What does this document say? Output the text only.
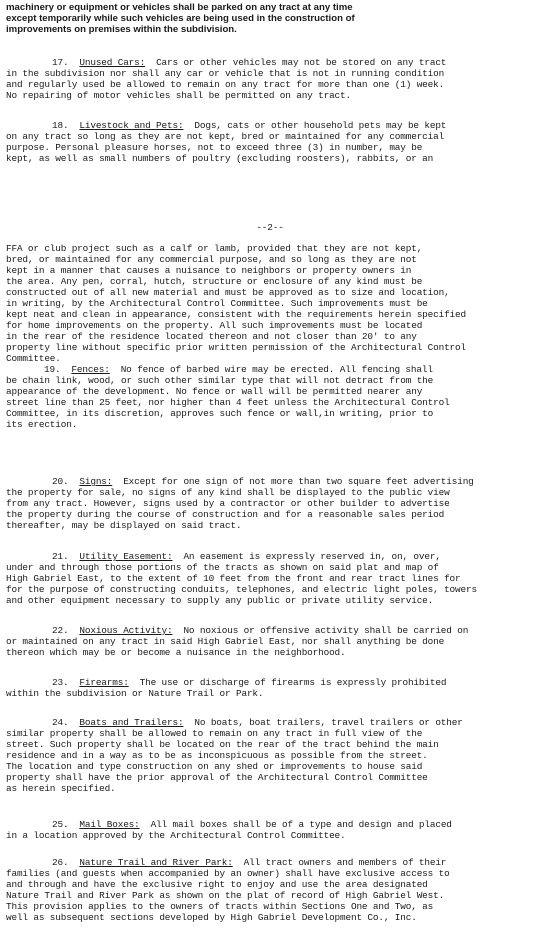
machinery or equipment or vehicles shall be parked on any tract at any time
except temporarily while such vehicles are being used in the construction of
improvements on premises within the subdivision.
17. Unused Cars: Cars or other vehicles may not be stored on any tract
in the subdivision nor shall any car or vehicle that is not in running condition
and regularly used be allowed to remain on any tract for more than one (1) week.
No repairing of motor vehicles shall be permitted on any tract.
18. Livestock and Pets: Dogs, cats or other household pets may be kept
on any tract so long as they are not kept, bred or maintained for any commercial
purpose. Personal pleasure horses, not to exceed three (3) in number, may be
kept, as well as small numbers of poultry (excluding roosters), rabbits, or an
--2--
FFA or club project such as a calf or lamb, provided that they are not kept,
bred, or maintained for any commercial purpose, and so long as they are not
kept in a manner that causes a nuisance to neighbors or property owners in
the area. Any pen, corral, hutch, structure or enclosure of any kind must be
constructed out of all new material and must be approved as to size and location,
in writing, by the Architectural Control Committee. Such improvements must be
kept neat and clean in appearance, consistent with the requirements herein specified
for home improvements on the property. All such improvements must be located
in the rear of the residence located thereon and not closer than 20' to any
property line without specific prior written permission of the Architectural Control
Committee.
19. Fences: No fence of barbed wire may be erected. All fencing shall
be chain link, wood, or such other similar type that will not detract from the
appearance of the development. No fence or wall will be permitted nearer any
street line than 25 feet, nor higher than 4 feet unless the Architectural Control
Committee, in its discretion, approves such fence or wall,in writing, prior to
its erection.
20. Signs: Except for one sign of not more than two square feet advertising
the property for sale, no signs of any kind shall be displayed to the public view
from any tract. However, signs used by a contractor or other builder to advertise
the property during the course of construction and for a reasonable sales period
thereafter, may be displayed on said tract.
21. Utility Easement: An easement is expressly reserved in, on, over,
under and through those portions of the tracts as shown on said plat and map of
High Gabriel East, to the extent of 10 feet from the front and rear tract lines for
for the purpose of constructing conduits, telephones, and electric light poles, towers
and other equipment necessary to supply any public or private utility service.
22. Noxious Activity: No noxious or offensive activity shall be carried on
or maintained on any tract in said High Gabriel East, nor shall anything be done
thereon which may be or become a nuisance in the neighborhood.
23. Firearms: The use or discharge of firearms is expressly prohibited
within the subdivision or Nature Trail or Park.
24. Boats and Trailers: No boats, boat trailers, travel trailers or other
similar property shall be allowed to remain on any tract in full view of the
street. Such property shall be located on the rear of the tract behind the main
residence and in a way as to be as inconspicuous as possible from the street.
The location and type construction on any shed or improvements to house said
property shall have the prior approval of the Architectural Control Committee
as herein specified.
25. Mail Boxes: All mail boxes shall be of a type and design and placed
in a location approved by the Architectural Control Committee.
26. Nature Trail and River Park: All tract owners and members of their
families (and guests when accompanied by an owner) shall have exclusive access to
and through and have the exclusive right to enjoy and use the area designated
Nature Trail and River Park as shown on the plat of record of High Gabriel West.
This provision applies to the owners of tracts within Sections One and Two, as
well as subsequent sections developed by High Gabriel Development Co., Inc.
